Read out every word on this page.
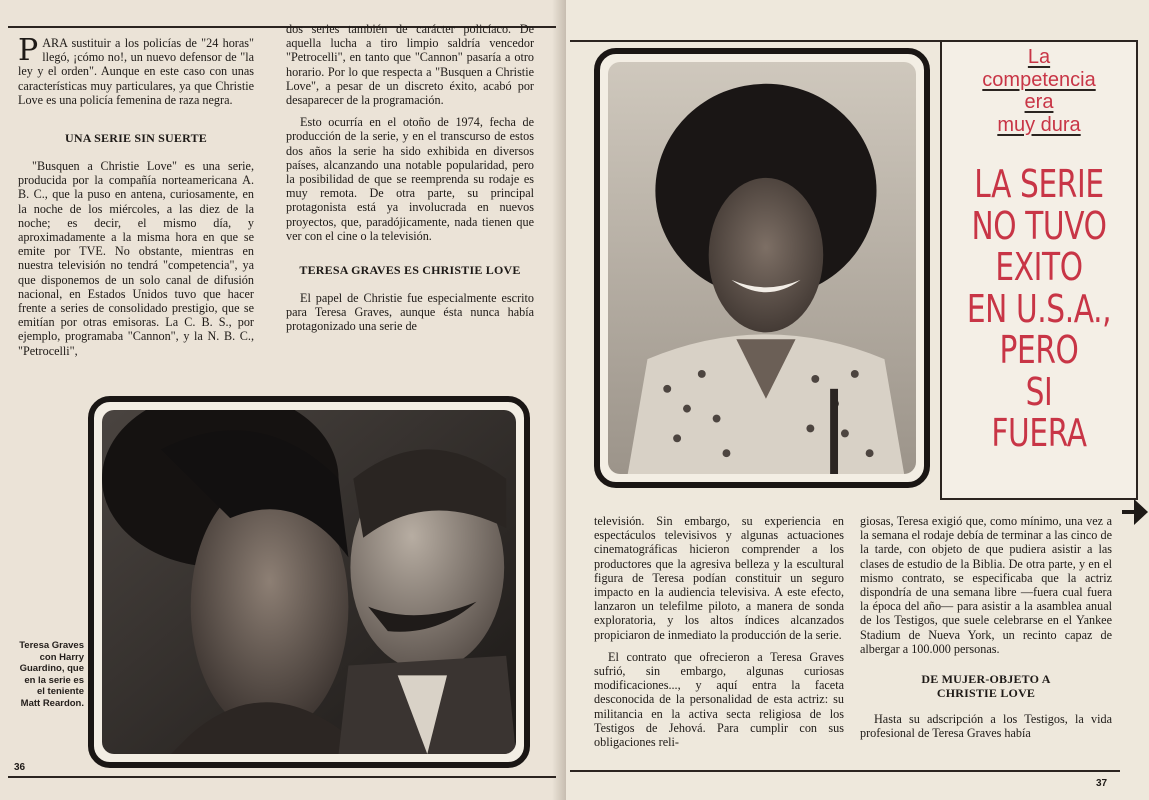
PARA sustituir a los policías de "24 horas" llegó, ¡cómo no!, un nuevo defensor de "la ley y el orden". Aunque en este caso con unas características muy particulares, ya que Christie Love es una policía femenina de raza negra.

UNA SERIE SIN SUERTE

"Busquen a Christie Love" es una serie, producida por la compañía norteamericana A. B. C., que la puso en antena, curiosamente, en la noche de los miércoles, a las diez de la noche; es decir, el mismo día, y aproximadamente a la misma hora en que se emite por TVE. No obstante, mientras en nuestra televisión no tendrá "competencia", ya que disponemos de un solo canal de difusión nacional, en Estados Unidos tuvo que hacer frente a series de consolidado prestigio, que se emitían por otras emisoras. La C. B. S., por ejemplo, programaba "Cannon", y la N. B. C., "Petrocelli",

dos series también de carácter policíaco. De aquella lucha a tiro limpio saldría vencedor "Petrocelli", en tanto que "Cannon" pasaría a otro horario. Por lo que respecta a "Busquen a Christie Love", a pesar de un discreto éxito, acabó por desaparecer de la programación.

Esto ocurría en el otoño de 1974, fecha de producción de la serie, y en el transcurso de estos dos años la serie ha sido exhibida en diversos países, alcanzando una notable popularidad, pero la posibilidad de que se reemprenda su rodaje es muy remota. De otra parte, su principal protagonista está ya involucrada en nuevos proyectos, que, paradójicamente, nada tienen que ver con el cine o la televisión.

TERESA GRAVES ES CHRISTIE LOVE

El papel de Christie fue especialmente escrito para Teresa Graves, aunque ésta nunca había protagonizado una serie de

Teresa Graves con Harry Guardino, que en la serie es el teniente Matt Reardon.
36
La
competencia
era
muy dura
LA SERIE
NO TUVO
EXITO
EN U.S.A.,
PERO
SI
FUERA

televisión. Sin embargo, su experiencia en espectáculos televisivos y algunas actuaciones cinematográficas hicieron comprender a los productores que la agresiva belleza y la escultural figura de Teresa podían constituir un seguro impacto en la audiencia televisiva. A este efecto, lanzaron un telefilme piloto, a manera de sonda exploratoria, y los altos índices alcanzados propiciaron de inmediato la producción de la serie.

El contrato que ofrecieron a Teresa Graves sufrió, sin embargo, algunas curiosas modificaciones..., y aquí entra la faceta desconocida de la personalidad de esta actriz: su militancia en la activa secta religiosa de los Testigos de Jehová. Para cumplir con sus obligaciones reli-

giosas, Teresa exigió que, como mínimo, una vez a la semana el rodaje debía de terminar a las cinco de la tarde, con objeto de que pudiera asistir a las clases de estudio de la Biblia. De otra parte, y en el mismo contrato, se especificaba que la actriz dispondría de una semana libre —fuera cual fuera la época del año— para asistir a la asamblea anual de los Testigos, que suele celebrarse en el Yankee Stadium de Nueva York, un recinto capaz de albergar a 100.000 personas.

DE MUJER-OBJETO A CHRISTIE LOVE

Hasta su adscripción a los Testigos, la vida profesional de Teresa Graves había

37
